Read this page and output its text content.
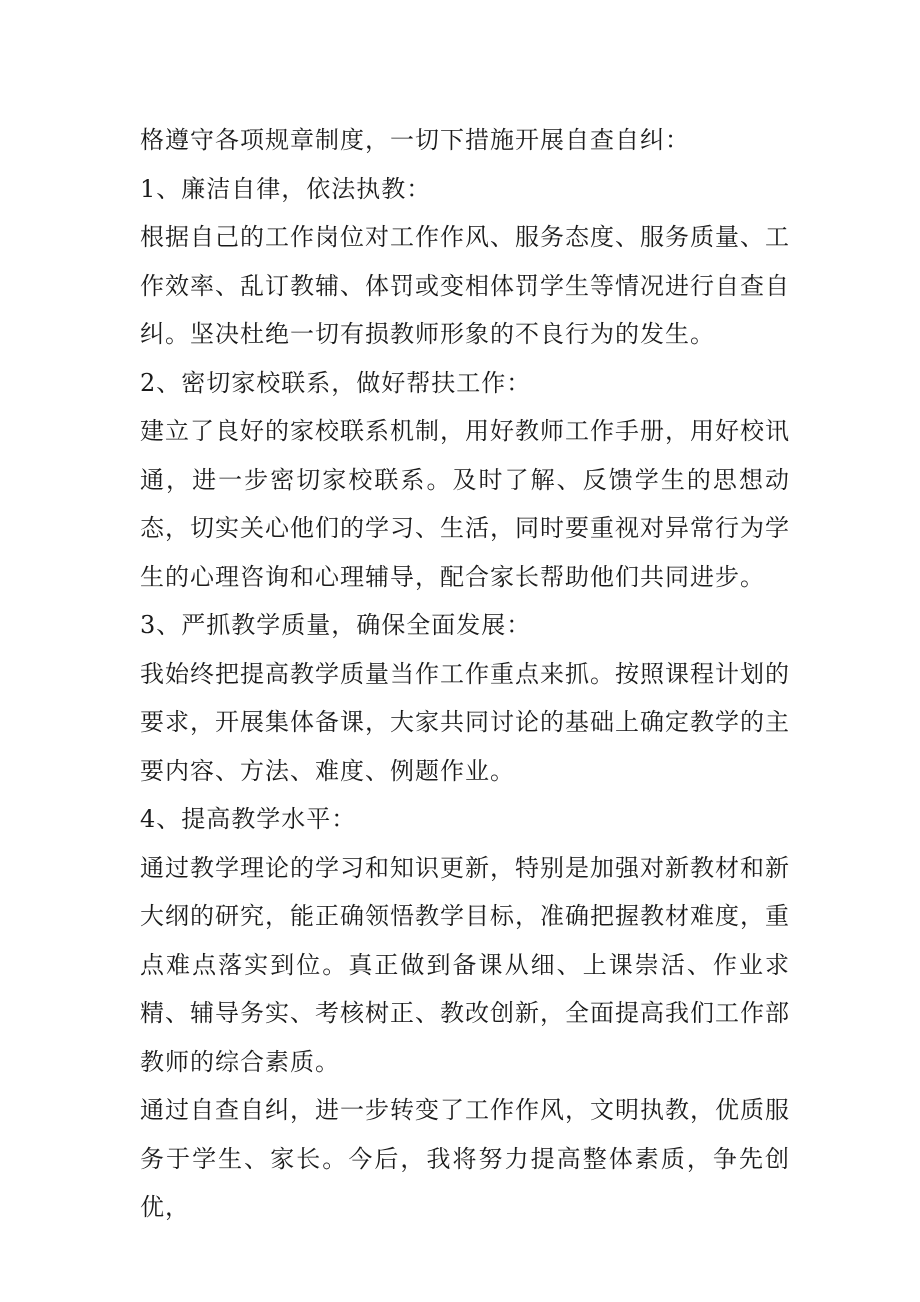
格遵守各项规章制度，一切下措施开展自查自纠：

1、廉洁自律，依法执教：

根据自己的工作岗位对工作作风、服务态度、服务质量、工作效率、乱订教辅、体罚或变相体罚学生等情况进行自查自纠。坚决杜绝一切有损教师形象的不良行为的发生。

2、密切家校联系，做好帮扶工作：

建立了良好的家校联系机制，用好教师工作手册，用好校讯通，进一步密切家校联系。及时了解、反馈学生的思想动态，切实关心他们的学习、生活，同时要重视对异常行为学生的心理咨询和心理辅导，配合家长帮助他们共同进步。

3、严抓教学质量，确保全面发展：

我始终把提高教学质量当作工作重点来抓。按照课程计划的要求，开展集体备课，大家共同讨论的基础上确定教学的主要内容、方法、难度、例题作业。

4、提高教学水平：

通过教学理论的学习和知识更新，特别是加强对新教材和新大纲的研究，能正确领悟教学目标，准确把握教材难度，重点难点落实到位。真正做到备课从细、上课崇活、作业求精、辅导务实、考核树正、教改创新，全面提高我们工作部教师的综合素质。

通过自查自纠，进一步转变了工作作风，文明执教，优质服务于学生、家长。今后，我将努力提高整体素质，争先创优，
